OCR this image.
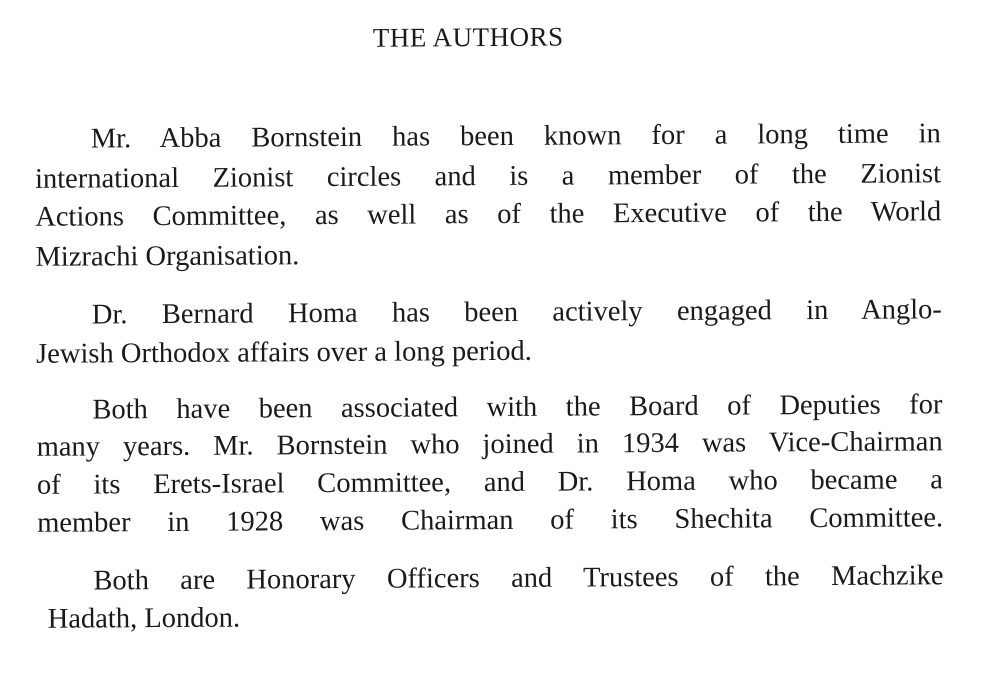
THE AUTHORS
Mr. Abba Bornstein has been known for a long time in
international Zionist circles and is a member of the Zionist
Actions Committee, as well as of the Executive of the World
Mizrachi Organisation.
Dr. Bernard Homa has been actively engaged in Anglo-
Jewish Orthodox affairs over a long period.
Both have been associated with the Board of Deputies for
many years. Mr. Bornstein who joined in 1934 was Vice-Chairman
of its Erets-Israel Committee, and Dr. Homa who became a
member in 1928 was Chairman of its Shechita Committee.
Both are Honorary Officers and Trustees of the Machzike
Hadath, London.
